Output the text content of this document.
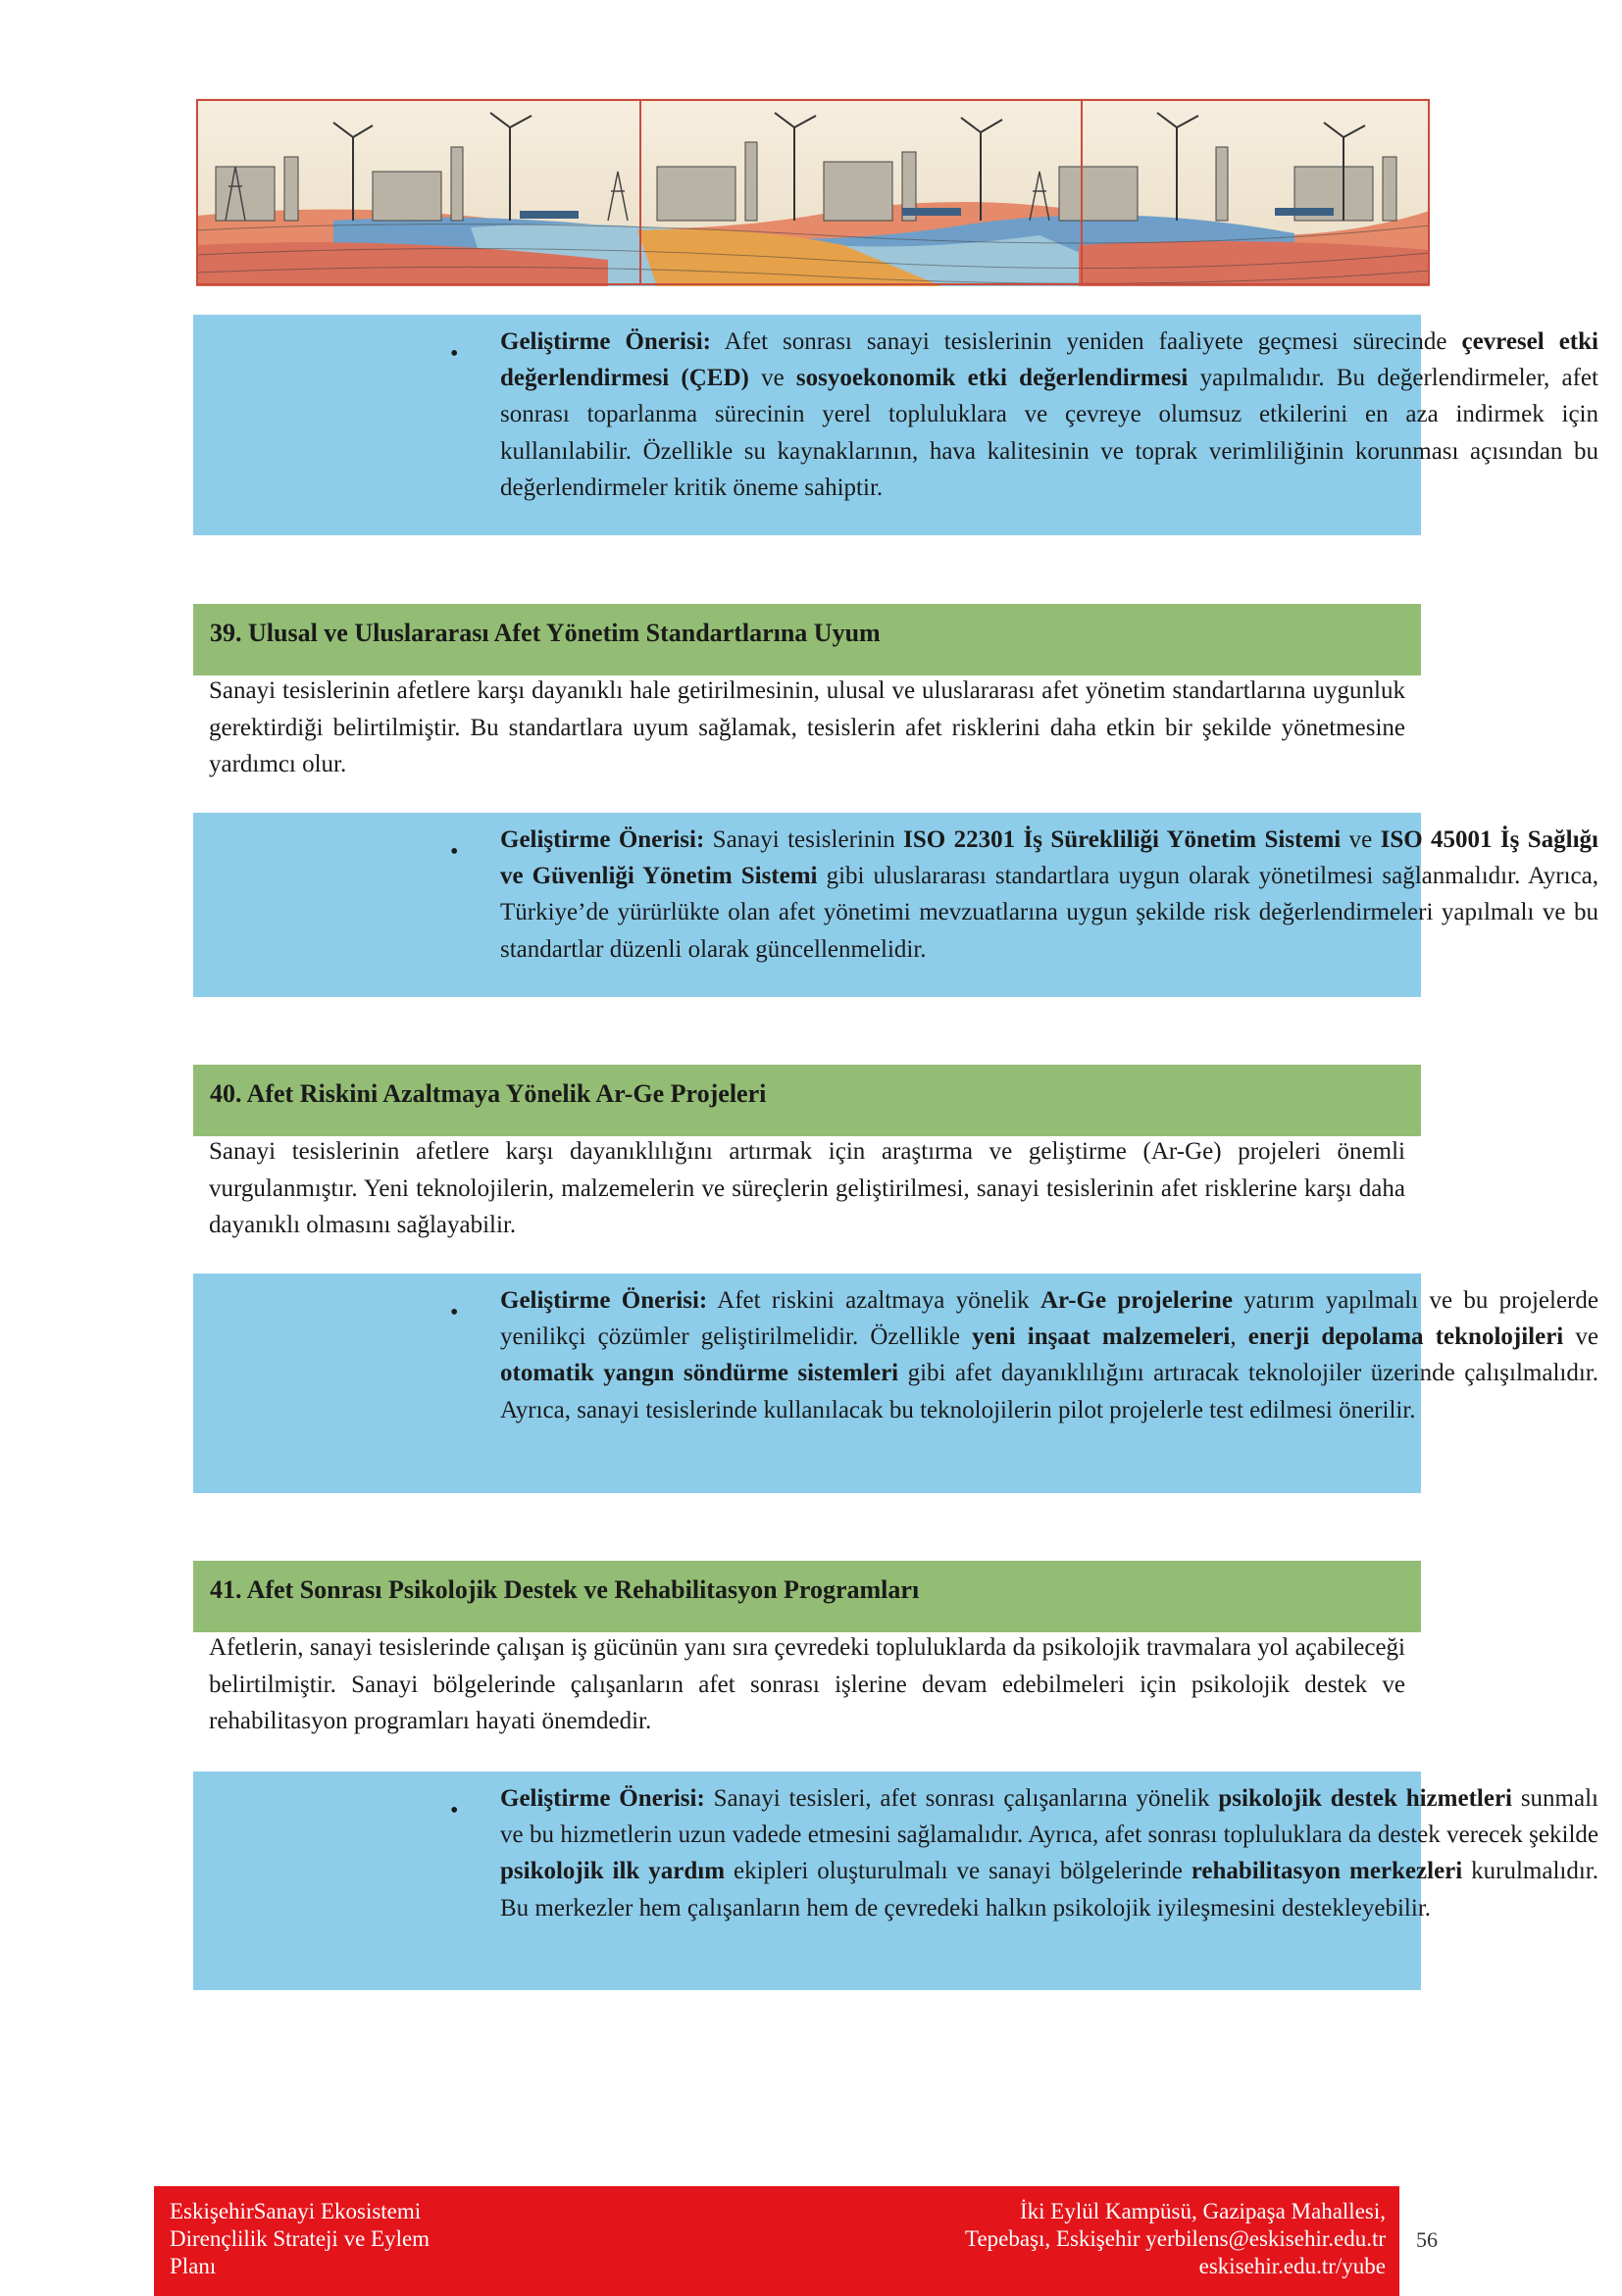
• Geliştirme Önerisi: Afet sonrası sanayi tesislerinin yeniden faaliyete geçmesi sürecinde çevresel etki değerlendirmesi (ÇED) ve sosyoekonomik etki değerlendirmesi yapılmalıdır. Bu değerlendirmeler, afet sonrası toparlanma sürecinin yerel topluluklara ve çevreye olumsuz etkilerini en aza indirmek için kullanılabilir. Özellikle su kaynaklarının, hava kalitesinin ve toprak verimliliğinin korunması açısından bu değerlendirmeler kritik öneme sahiptir.

39. Ulusal ve Uluslararası Afet Yönetim Standartlarına Uyum

Sanayi tesislerinin afetlere karşı dayanıklı hale getirilmesinin, ulusal ve uluslararası afet yönetim standartlarına uygunluk gerektirdiği belirtilmiştir. Bu standartlara uyum sağlamak, tesislerin afet risklerini daha etkin bir şekilde yönetmesine yardımcı olur.

• Geliştirme Önerisi: Sanayi tesislerinin ISO 22301 İş Sürekliliği Yönetim Sistemi ve ISO 45001 İş Sağlığı ve Güvenliği Yönetim Sistemi gibi uluslararası standartlara uygun olarak yönetilmesi sağlanmalıdır. Ayrıca, Türkiye’de yürürlükte olan afet yönetimi mevzuatlarına uygun şekilde risk değerlendirmeleri yapılmalı ve bu standartlar düzenli olarak güncellenmelidir.

40. Afet Riskini Azaltmaya Yönelik Ar-Ge Projeleri

Sanayi tesislerinin afetlere karşı dayanıklılığını artırmak için araştırma ve geliştirme (Ar-Ge) projeleri önemli vurgulanmıştır. Yeni teknolojilerin, malzemelerin ve süreçlerin geliştirilmesi, sanayi tesislerinin afet risklerine karşı daha dayanıklı olmasını sağlayabilir.

• Geliştirme Önerisi: Afet riskini azaltmaya yönelik Ar-Ge projelerine yatırım yapılmalı ve bu projelerde yenilikçi çözümler geliştirilmelidir. Özellikle yeni inşaat malzemeleri, enerji depolama teknolojileri ve otomatik yangın söndürme sistemleri gibi afet dayanıklılığını artıracak teknolojiler üzerinde çalışılmalıdır. Ayrıca, sanayi tesislerinde kullanılacak bu teknolojilerin pilot projelerle test edilmesi önerilir.

41. Afet Sonrası Psikolojik Destek ve Rehabilitasyon Programları

Afetlerin, sanayi tesislerinde çalışan iş gücünün yanı sıra çevredeki topluluklarda da psikolojik travmalara yol açabileceği belirtilmiştir. Sanayi bölgelerinde çalışanların afet sonrası işlerine devam edebilmeleri için psikolojik destek ve rehabilitasyon programları hayati önemdedir.

• Geliştirme Önerisi: Sanayi tesisleri, afet sonrası çalışanlarına yönelik psikolojik destek hizmetleri sunmalı ve bu hizmetlerin uzun vadede etmesini sağlamalıdır. Ayrıca, afet sonrası topluluklara da destek verecek şekilde psikolojik ilk yardım ekipleri oluşturulmalı ve sanayi bölgelerinde rehabilitasyon merkezleri kurulmalıdır. Bu merkezler hem çalışanların hem de çevredeki halkın psikolojik iyileşmesini destekleyebilir.

EskişehirSanayi Ekosistemi
Dirençlilik Strateji ve Eylem
Planı
İki Eylül Kampüsü, Gazipaşa Mahallesi,
Tepebaşı, Eskişehir yerbilens@eskisehir.edu.tr
eskisehir.edu.tr/yube
56
